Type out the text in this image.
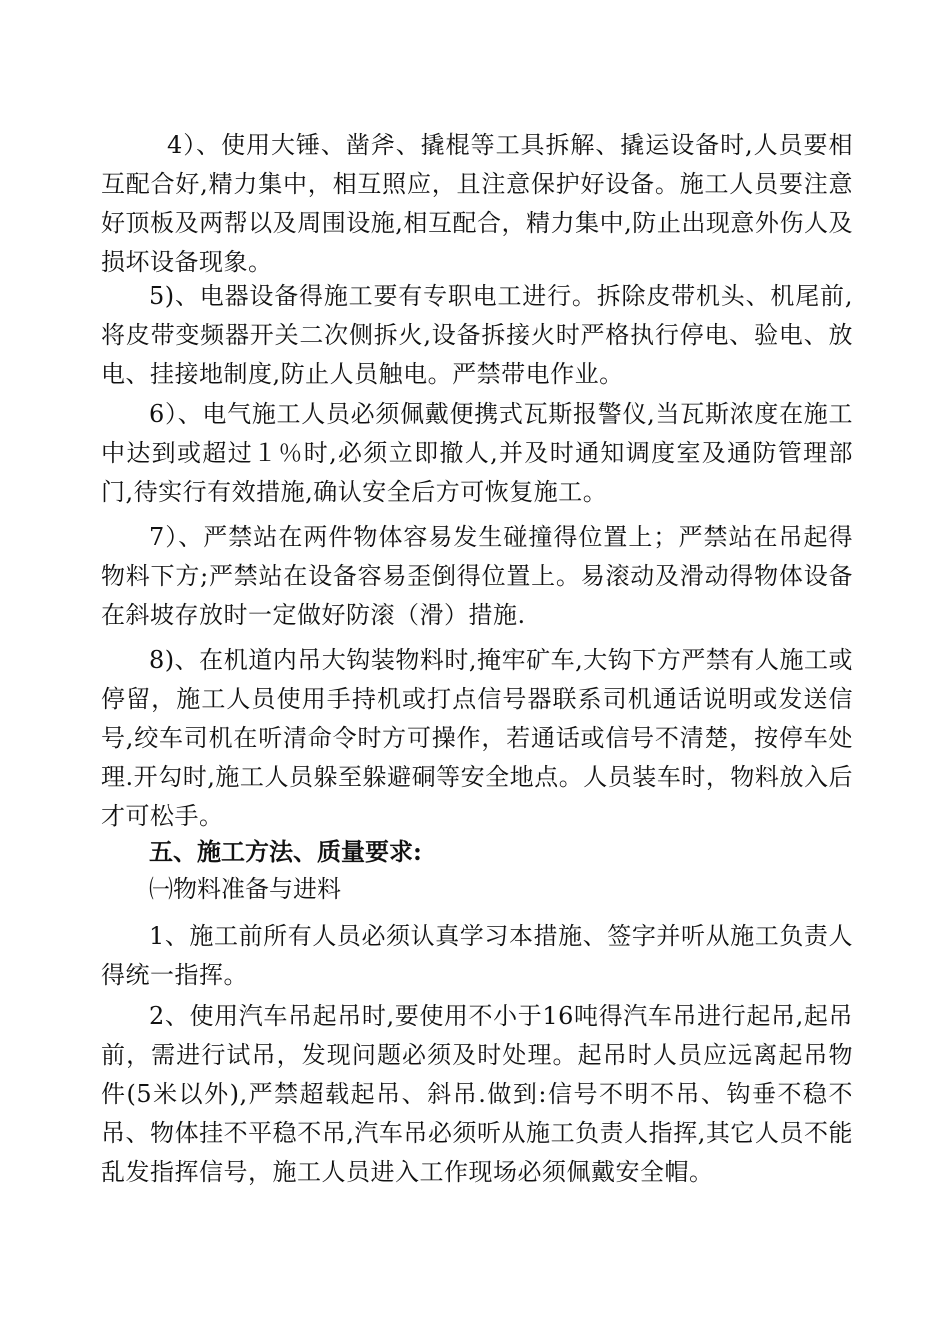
4）、使用大锤、凿斧、撬棍等工具拆解、撬运设备时,人员要相互配合好,精力集中，相互照应，且注意保护好设备。施工人员要注意好顶板及两帮以及周围设施,相互配合，精力集中,防止出现意外伤人及损坏设备现象。

5)、电器设备得施工要有专职电工进行。拆除皮带机头、机尾前,将皮带变频器开关二次侧拆火,设备拆接火时严格执行停电、验电、放电、挂接地制度,防止人员触电。严禁带电作业。

6）、电气施工人员必须佩戴便携式瓦斯报警仪,当瓦斯浓度在施工中达到或超过１％时,必须立即撤人,并及时通知调度室及通防管理部门,待实行有效措施,确认安全后方可恢复施工。

7）、严禁站在两件物体容易发生碰撞得位置上；严禁站在吊起得物料下方;严禁站在设备容易歪倒得位置上。易滚动及滑动得物体设备在斜坡存放时一定做好防滚（滑）措施.

8)、在机道内吊大钩装物料时,掩牢矿车,大钩下方严禁有人施工或停留，施工人员使用手持机或打点信号器联系司机通话说明或发送信号,绞车司机在听清命令时方可操作，若通话或信号不清楚，按停车处理.开勾时,施工人员躲至躲避硐等安全地点。人员装车时，物料放入后才可松手。

五、施工方法、质量要求:
㈠物料准备与进料

1、施工前所有人员必须认真学习本措施、签字并听从施工负责人得统一指挥。

2、使用汽车吊起吊时,要使用不小于16吨得汽车吊进行起吊,起吊前，需进行试吊，发现问题必须及时处理。起吊时人员应远离起吊物件(5米以外),严禁超载起吊、斜吊.做到:信号不明不吊、钩垂不稳不吊、物体挂不平稳不吊,汽车吊必须听从施工负责人指挥,其它人员不能乱发指挥信号，施工人员进入工作现场必须佩戴安全帽。
